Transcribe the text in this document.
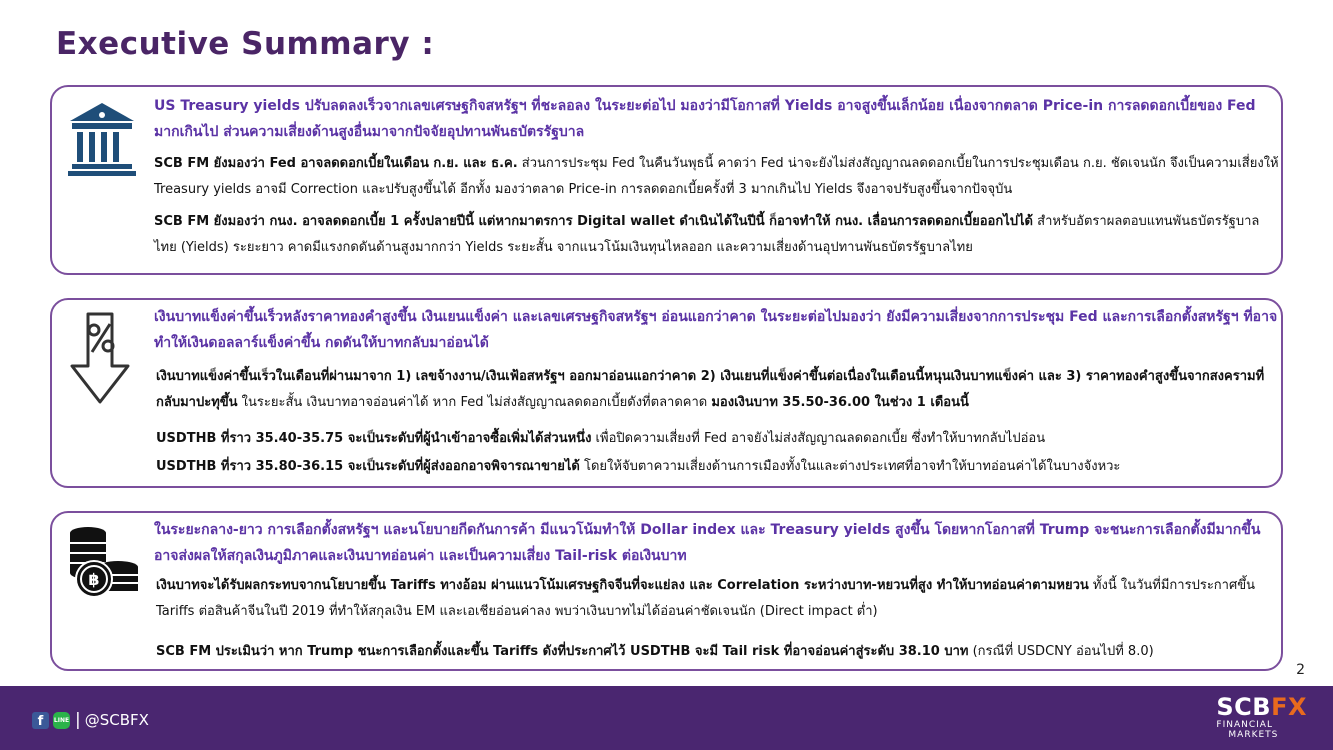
Executive Summary :
US Treasury yields ปรับลดลงเร็วจากเลขเศรษฐกิจสหรัฐฯ ที่ชะลอลง ในระยะต่อไป มองว่ามีโอกาสที่ Yields อาจสูงขึ้นเล็กน้อย เนื่องจากตลาด Price-in การลดดอกเบี้ยของ Fed มากเกินไป ส่วนความเสี่ยงด้านสูงอื่นมาจากปัจจัยอุปทานพันธบัตรรัฐบาล
SCB FM ยังมองว่า Fed อาจลดดอกเบี้ยในเดือน ก.ย. และ ธ.ค. ส่วนการประชุม Fed ในคืนวันพุธนี้ คาดว่า Fed น่าจะยังไม่ส่งสัญญาณลดดอกเบี้ยในการประชุมเดือน ก.ย. ชัดเจนนัก จึงเป็นความเสี่ยงให้ Treasury yields อาจมี Correction และปรับสูงขึ้นได้ อีกทั้ง มองว่าตลาด Price-in การลดดอกเบี้ยครั้งที่ 3 มากเกินไป Yields จึงอาจปรับสูงขึ้นจากปัจจุบัน
SCB FM ยังมองว่า กนง. อาจลดดอกเบี้ย 1 ครั้งปลายปีนี้ แต่หากมาตรการ Digital wallet ดำเนินได้ในปีนี้ ก็อาจทำให้ กนง. เลื่อนการลดดอกเบี้ยออกไปได้ สำหรับอัตราผลตอบแทนพันธบัตรรัฐบาลไทย (Yields) ระยะยาว คาดมีแรงกดดันด้านสูงมากกว่า Yields ระยะสั้น จากแนวโน้มเงินทุนไหลออก และความเสี่ยงด้านอุปทานพันธบัตรรัฐบาลไทย
เงินบาทแข็งค่าขึ้นเร็วหลังราคาทองคำสูงขึ้น เงินเยนแข็งค่า และเลขเศรษฐกิจสหรัฐฯ อ่อนแอกว่าคาด ในระยะต่อไปมองว่า ยังมีความเสี่ยงจากการประชุม Fed และการเลือกตั้งสหรัฐฯ ที่อาจทำให้เงินดอลลาร์แข็งค่าขึ้น กดดันให้บาทกลับมาอ่อนได้
เงินบาทแข็งค่าขึ้นเร็วในเดือนที่ผ่านมาจาก 1) เลขจ้างงาน/เงินเฟ้อสหรัฐฯ ออกมาอ่อนแอกว่าคาด 2) เงินเยนที่แข็งค่าขึ้นต่อเนื่องในเดือนนี้หนุนเงินบาทแข็งค่า และ 3) ราคาทองคำสูงขึ้นจากสงครามที่กลับมาปะทุขึ้น ในระยะสั้น เงินบาทอาจอ่อนค่าได้ หาก Fed ไม่ส่งสัญญาณลดดอกเบี้ยดังที่ตลาดคาด มองเงินบาท 35.50-36.00 ในช่วง 1 เดือนนี้
USDTHB ที่ราว 35.40-35.75 จะเป็นระดับที่ผู้นำเข้าอาจซื้อเพิ่มได้ส่วนหนึ่ง เพื่อปิดความเสี่ยงที่ Fed อาจยังไม่ส่งสัญญาณลดดอกเบี้ย ซึ่งทำให้บาทกลับไปอ่อน
USDTHB ที่ราว 35.80-36.15 จะเป็นระดับที่ผู้ส่งออกอาจพิจารณาขายได้ โดยให้จับตาความเสี่ยงด้านการเมืองทั้งในและต่างประเทศที่อาจทำให้บาทอ่อนค่าได้ในบางจังหวะ
฿
ในระยะกลาง-ยาว การเลือกตั้งสหรัฐฯ และนโยบายกีดกันการค้า มีแนวโน้มทำให้ Dollar index และ Treasury yields สูงขึ้น โดยหากโอกาสที่ Trump จะชนะการเลือกตั้งมีมากขึ้น อาจส่งผลให้สกุลเงินภูมิภาคและเงินบาทอ่อนค่า และเป็นความเสี่ยง Tail-risk ต่อเงินบาท
เงินบาทจะได้รับผลกระทบจากนโยบายขึ้น Tariffs ทางอ้อม ผ่านแนวโน้มเศรษฐกิจจีนที่จะแย่ลง และ Correlation ระหว่างบาท-หยวนที่สูง ทำให้บาทอ่อนค่าตามหยวน ทั้งนี้ ในวันที่มีการประกาศขึ้น Tariffs ต่อสินค้าจีนในปี 2019 ที่ทำให้สกุลเงิน EM และเอเชียอ่อนค่าลง พบว่าเงินบาทไม่ได้อ่อนค่าชัดเจนนัก (Direct impact ต่ำ)
SCB FM ประเมินว่า หาก Trump ชนะการเลือกตั้งและขึ้น Tariffs ดังที่ประกาศไว้ USDTHB จะมี Tail risk ที่อาจอ่อนค่าสู่ระดับ 38.10 บาท (กรณีที่ USDCNY อ่อนไปที่ 8.0)
2
f	LINE | @SCBFX	SCBFX
FINANCIAL
MARKETS
